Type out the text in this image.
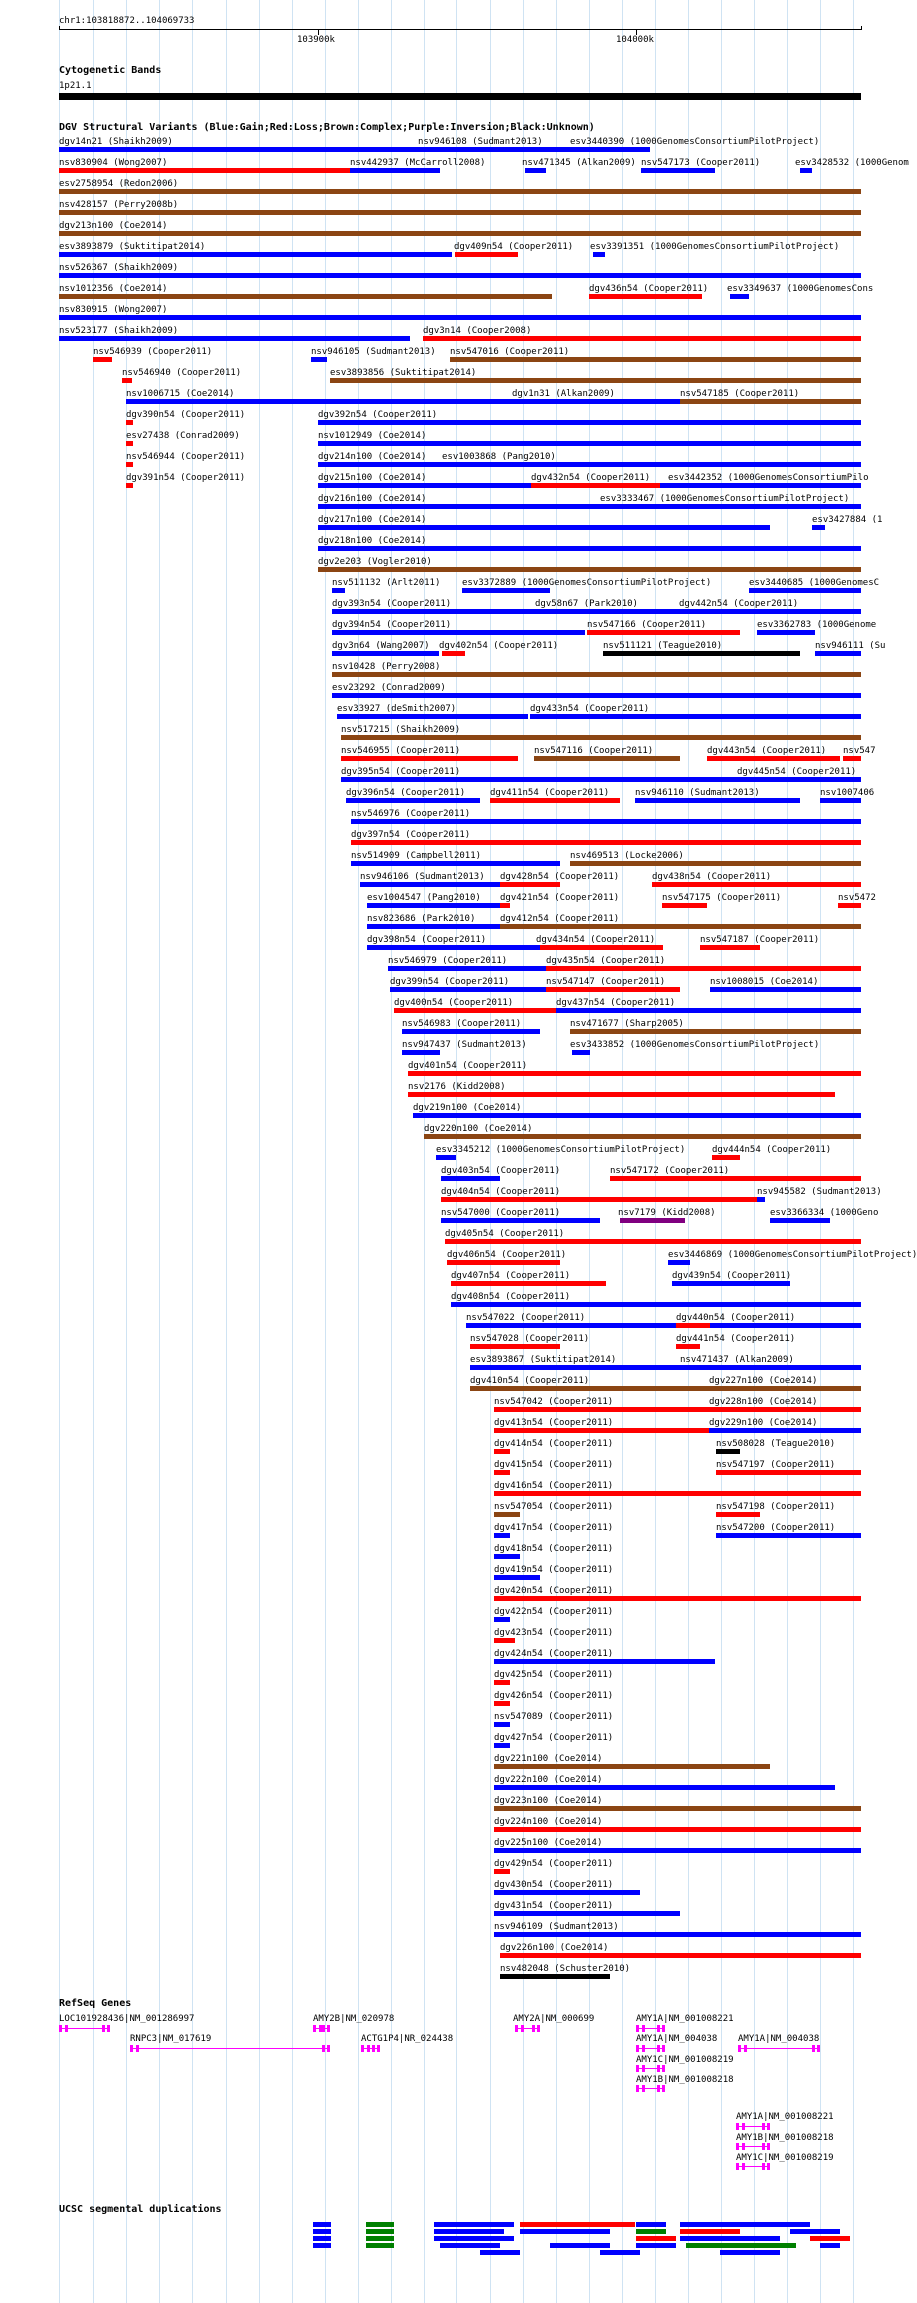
chr1:103818872..104069733
103900k	104000k
Cytogenetic Bands
1p21.1
DGV Structural Variants (Blue:Gain;Red:Loss;Brown:Complex;Purple:Inversion;Black:Unknown)
dgv14n21 (Shaikh2009)	nsv946108 (Sudmant2013)	esv3440390 (1000GenomesConsortiumPilotProject)
nsv830904 (Wong2007)	nsv442937 (McCarroll2008)	nsv471345 (Alkan2009) nsv547173 (Cooper2011)	esv3428532 (1000Genom
esv2758954 (Redon2006)
nsv428157 (Perry2008b)
dgv213n100 (Coe2014)
esv3893879 (Suktitipat2014)	dgv409n54 (Cooper2011) esv3391351 (1000GenomesConsortiumPilotProject)
nsv526367 (Shaikh2009)
nsv1012356 (Coe2014)	dgv436n54 (Cooper2011) esv3349637 (1000GenomesCons
nsv830915 (Wong2007)
nsv523177 (Shaikh2009)	dgv3n14 (Cooper2008)
nsv546939 (Cooper2011)	nsv946105 (Sudmant2013) nsv547016 (Cooper2011)
nsv546940 (Cooper2011)	esv3893856 (Suktitipat2014)
nsv1006715 (Coe2014)	dgv1n31 (Alkan2009)	nsv547185 (Cooper2011)
dgv390n54 (Cooper2011)	dgv392n54 (Cooper2011)
esv27438 (Conrad2009)	nsv1012949 (Coe2014)
nsv546944 (Cooper2011)	dgv214n100 (Coe2014) esv1003868 (Pang2010)
dgv391n54 (Cooper2011)	dgv215n100 (Coe2014)	dgv432n54 (Cooper2011) esv3442352 (1000GenomesConsortiumPilo
dgv216n100 (Coe2014)	esv3333467 (1000GenomesConsortiumPilotProject)
dgv217n100 (Coe2014)	esv3427884 (1
dgv218n100 (Coe2014)
dgv2e203 (Vogler2010)
nsv511132 (Arlt2011) esv3372889 (1000GenomesConsortiumPilotProject)	esv3440685 (1000GenomesC
dgv393n54 (Cooper2011)	dgv58n67 (Park2010)	dgv442n54 (Cooper2011)
dgv394n54 (Cooper2011)	nsv547166 (Cooper2011)	esv3362783 (1000Genome
dgv3n64 (Wang2007) dgv402n54 (Cooper2011)	nsv511121 (Teague2010)	nsv946111 (Su
nsv10428 (Perry2008)
esv23292 (Conrad2009)
esv33927 (deSmith2007)	dgv433n54 (Cooper2011)
nsv517215 (Shaikh2009)
nsv546955 (Cooper2011)	nsv547116 (Cooper2011)	dgv443n54 (Cooper2011) nsv547
dgv395n54 (Cooper2011)	dgv445n54 (Cooper2011)
dgv396n54 (Cooper2011)	dgv411n54 (Cooper2011)	nsv946110 (Sudmant2013)	nsv1007406
nsv546976 (Cooper2011)
dgv397n54 (Cooper2011)
nsv514909 (Campbell2011)	nsv469513 (Locke2006)
nsv946106 (Sudmant2013) dgv428n54 (Cooper2011)	dgv438n54 (Cooper2011)
esv1004547 (Pang2010) dgv421n54 (Cooper2011)	nsv547175 (Cooper2011)	nsv5472
nsv823686 (Park2010)	dgv412n54 (Cooper2011)
dgv398n54 (Cooper2011)	dgv434n54 (Cooper2011)	nsv547187 (Cooper2011)
nsv546979 (Cooper2011)	dgv435n54 (Cooper2011)
dgv399n54 (Cooper2011)	nsv547147 (Cooper2011)	nsv1008015 (Coe2014)
dgv400n54 (Cooper2011)	dgv437n54 (Cooper2011)
nsv546983 (Cooper2011)	nsv471677 (Sharp2005)
nsv947437 (Sudmant2013)	esv3433852 (1000GenomesConsortiumPilotProject)
dgv401n54 (Cooper2011)
nsv2176 (Kidd2008)
dgv219n100 (Coe2014)
dgv220n100 (Coe2014)
esv3345212 (1000GenomesConsortiumPilotProject)	dgv444n54 (Cooper2011)
dgv403n54 (Cooper2011)	nsv547172 (Cooper2011)
dgv404n54 (Cooper2011)	nsv945582 (Sudmant2013)
nsv547000 (Cooper2011)	nsv7179 (Kidd2008)	esv3366334 (1000Geno
dgv405n54 (Cooper2011)
dgv406n54 (Cooper2011)	esv3446869 (1000GenomesConsortiumPilotProject)
dgv407n54 (Cooper2011)	dgv439n54 (Cooper2011)
dgv408n54 (Cooper2011)
nsv547022 (Cooper2011)	dgv440n54 (Cooper2011)
nsv547028 (Cooper2011)	dgv441n54 (Cooper2011)
esv3893867 (Suktitipat2014)	nsv471437 (Alkan2009)
dgv410n54 (Cooper2011)	dgv227n100 (Coe2014)
nsv547042 (Cooper2011)	dgv228n100 (Coe2014)
dgv413n54 (Cooper2011)	dgv229n100 (Coe2014)
dgv414n54 (Cooper2011)	nsv508028 (Teague2010)
dgv415n54 (Cooper2011)	nsv547197 (Cooper2011)
dgv416n54 (Cooper2011)
nsv547054 (Cooper2011)	nsv547198 (Cooper2011)
dgv417n54 (Cooper2011)	nsv547200 (Cooper2011)
dgv418n54 (Cooper2011)
dgv419n54 (Cooper2011)
dgv420n54 (Cooper2011)
dgv422n54 (Cooper2011)
dgv423n54 (Cooper2011)
dgv424n54 (Cooper2011)
dgv425n54 (Cooper2011)
dgv426n54 (Cooper2011)
nsv547089 (Cooper2011)
dgv427n54 (Cooper2011)
dgv221n100 (Coe2014)
dgv222n100 (Coe2014)
dgv223n100 (Coe2014)
dgv224n100 (Coe2014)
dgv225n100 (Coe2014)
dgv429n54 (Cooper2011)
dgv430n54 (Cooper2011)
dgv431n54 (Cooper2011)
nsv946109 (Sudmant2013)
dgv226n100 (Coe2014)
nsv482048 (Schuster2010)
RefSeq Genes
LOC101928436|NM_001286997	AMY2B|NM_020978	AMY2A|NM_000699	AMY1A|NM_001008221
RNPC3|NM_017619	ACTG1P4|NR_024438	AMY1A|NM_004038 AMY1A|NM_004038
AMY1C|NM_001008219
AMY1B|NM_001008218
AMY1A|NM_001008221
AMY1B|NM_001008218
AMY1C|NM_001008219
UCSC segmental duplications
